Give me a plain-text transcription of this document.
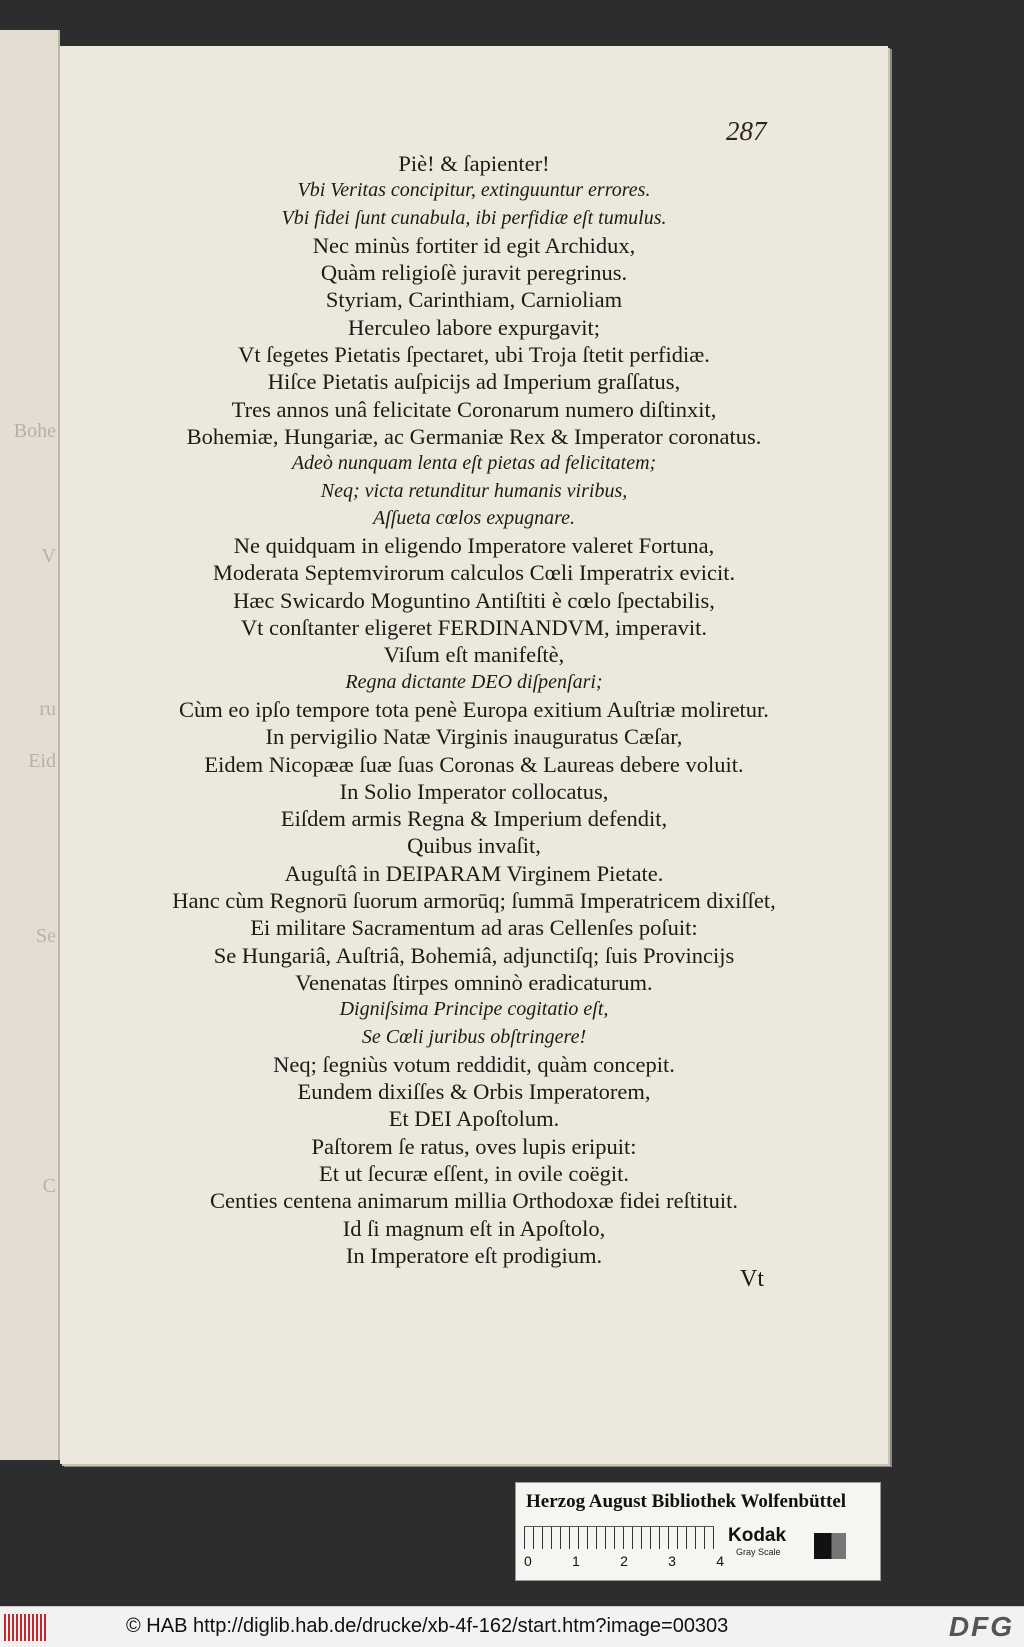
Bohe
V
ru
Eid
Se
C

287

Piè! & ſapienter!
Vbi Veritas concipitur, extinguuntur errores.
Vbi fidei ſunt cunabula, ibi perfidiæ eſt tumulus.
Nec minùs fortiter id egit Archidux,
Quàm religioſè juravit peregrinus.
Styriam, Carinthiam, Carnioliam
Herculeo labore expurgavit;
Vt ſegetes Pietatis ſpectaret, ubi Troja ſtetit perfidiæ.
Hiſce Pietatis auſpicijs ad Imperium graſſatus,
Tres annos unâ felicitate Coronarum numero diſtinxit,
Bohemiæ, Hungariæ, ac Germaniæ Rex & Imperator coronatus.
Adeò nunquam lenta eſt pietas ad felicitatem;
Neq; victa retunditur humanis viribus,
Aſſueta cœlos expugnare.
Ne quidquam in eligendo Imperatore valeret Fortuna,
Moderata Septemvirorum calculos Cœli Imperatrix evicit.
Hæc Swicardo Moguntino Antiſtiti è cœlo ſpectabilis,
Vt conſtanter eligeret FERDINANDVM, imperavit.
Viſum eſt manifeſtè,
Regna dictante DEO diſpenſari;
Cùm eo ipſo tempore tota penè Europa exitium Auſtriæ moliretur.
In pervigilio Natæ Virginis inauguratus Cæſar,
Eidem Nicopææ ſuæ ſuas Coronas & Laureas debere voluit.
In Solio Imperator collocatus,
Eiſdem armis Regna & Imperium defendit,
Quibus invaſit,
Auguſtâ in DEIPARAM Virginem Pietate.
Hanc cùm Regnorū ſuorum armorūq; ſummā Imperatricem dixiſſet,
Ei militare Sacramentum ad aras Cellenſes poſuit:
Se Hungariâ, Auſtriâ, Bohemiâ, adjunctiſq; ſuis Provincijs
Venenatas ſtirpes omninò eradicaturum.
Digniſsima Principe cogitatio eſt,
Se Cœli juribus obſtringere!
Neq; ſegniùs votum reddidit, quàm concepit.
Eundem dixiſſes & Orbis Imperatorem,
Et DEI Apoſtolum.
Paſtorem ſe ratus, oves lupis eripuit:
Et ut ſecuræ eſſent, in ovile coëgit.
Centies centena animarum millia Orthodoxæ fidei reſtituit.
Id ſi magnum eſt in Apoſtolo,
In Imperatore eſt prodigium.

Vt

Herzog August Bibliothek Wolfenbüttel
0	1	2	3	4
Kodak
Gray Scale
© HAB http://diglib.hab.de/drucke/xb-4f-162/start.htm?image=00303	DFG
